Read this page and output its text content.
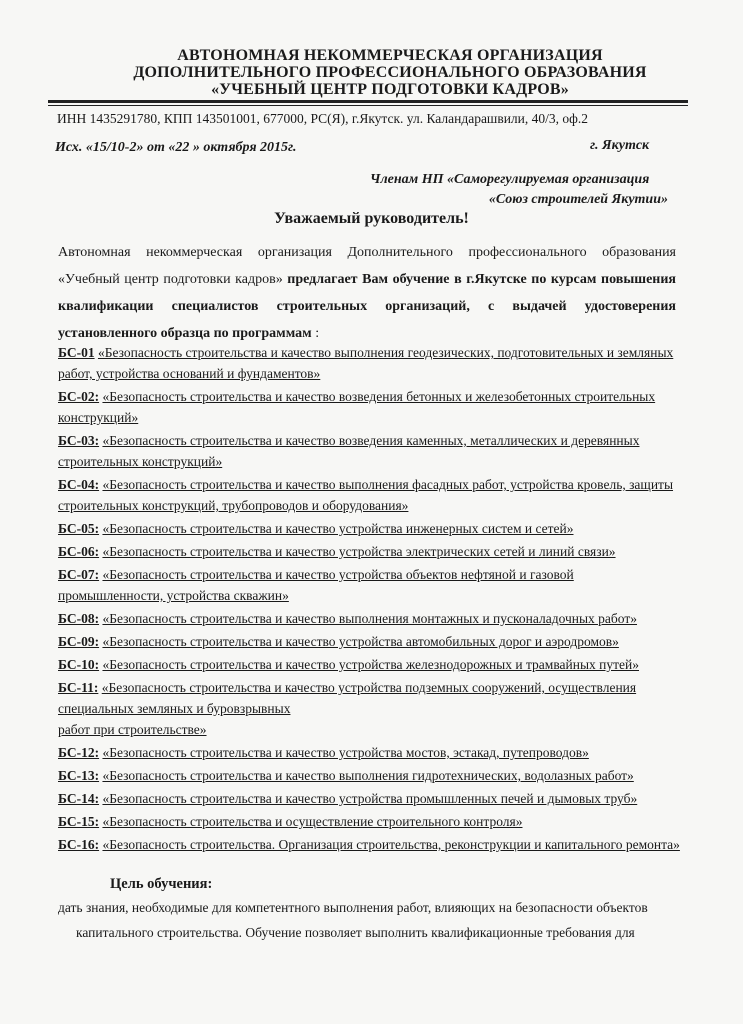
АВТОНОМНАЯ НЕКОММЕРЧЕСКАЯ ОРГАНИЗАЦИЯ
ДОПОЛНИТЕЛЬНОГО ПРОФЕССИОНАЛЬНОГО ОБРАЗОВАНИЯ
«УЧЕБНЫЙ ЦЕНТР ПОДГОТОВКИ КАДРОВ»
ИНН 1435291780, КПП 143501001, 677000, РС(Я), г.Якутск. ул. Каландарашвили, 40/3, оф.2
Исх. «15/10-2» от «22 » октября 2015г.	г. Якутск
Членам НП «Саморегулируемая организация
«Союз строителей Якутии»
Уважаемый руководитель!
Автономная некоммерческая организация Дополнительного профессионального образования «Учебный центр подготовки кадров» предлагает Вам обучение в г.Якутске по курсам повышения квалификации специалистов строительных организаций, с выдачей удостоверения установленного образца по программам :
БС-01 «Безопасность строительства и качество выполнения геодезических, подготовительных и земляных
работ, устройства оснований и фундаментов»
БС-02: «Безопасность строительства и качество возведения бетонных и железобетонных строительных
конструкций»
БС-03: «Безопасность строительства и качество возведения каменных, металлических и деревянных
строительных конструкций»
БС-04: «Безопасность строительства и качество выполнения фасадных работ, устройства кровель, защиты
строительных конструкций, трубопроводов и оборудования»
БС-05: «Безопасность строительства и качество устройства инженерных систем и сетей»
БС-06: «Безопасность строительства и качество устройства электрических сетей и линий связи»
БС-07: «Безопасность строительства и качество устройства объектов нефтяной и газовой
промышленности, устройства скважин»
БС-08: «Безопасность строительства и качество выполнения монтажных и пусконаладочных работ»
БС-09: «Безопасность строительства и качество устройства автомобильных дорог и аэродромов»
БС-10: «Безопасность строительства и качество устройства железнодорожных и трамвайных путей»
БС-11: «Безопасность строительства и качество устройства подземных сооружений, осуществления
специальных земляных и буровзрывных
работ при строительстве»
БС-12: «Безопасность строительства и качество устройства мостов, эстакад, путепроводов»
БС-13: «Безопасность строительства и качество выполнения гидротехнических, водолазных работ»
БС-14: «Безопасность строительства и качество устройства промышленных печей и дымовых труб»
БС-15: «Безопасность строительства и осуществление строительного контроля»
БС-16: «Безопасность строительства. Организация строительства, реконструкции и капитального ремонта»
Цель обучения:
дать знания, необходимые для компетентного выполнения работ, влияющих на безопасности объектов
капитального строительства. Обучение позволяет выполнить квалификационные требования для
